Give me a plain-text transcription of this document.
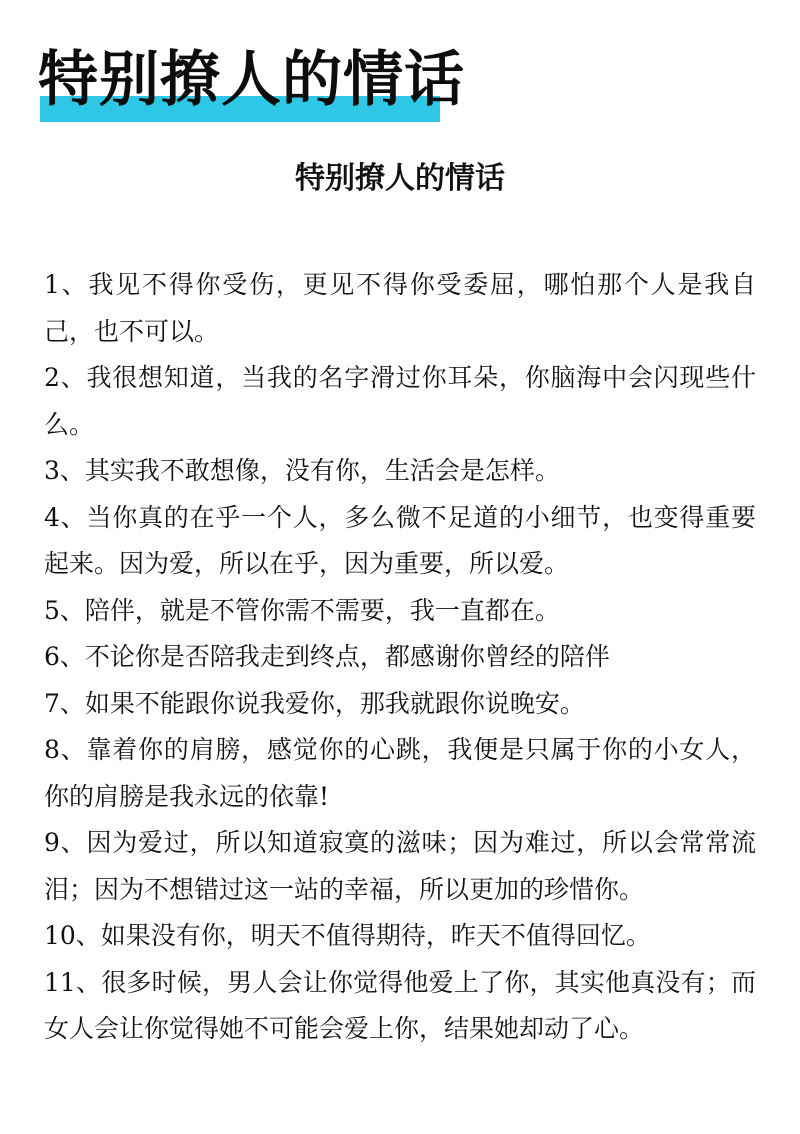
特别撩人的情话
特别撩人的情话

1、我见不得你受伤，更见不得你受委屈，哪怕那个人是我自己，也不可以。

2、我很想知道，当我的名字滑过你耳朵，你脑海中会闪现些什么。

3、其实我不敢想像，没有你，生活会是怎样。

4、当你真的在乎一个人，多么微不足道的小细节，也变得重要起来。因为爱，所以在乎，因为重要，所以爱。

5、陪伴，就是不管你需不需要，我一直都在。

6、不论你是否陪我走到终点，都感谢你曾经的陪伴

7、如果不能跟你说我爱你，那我就跟你说晚安。

8、靠着你的肩膀，感觉你的心跳，我便是只属于你的小女人，你的肩膀是我永远的依靠!

9、因为爱过，所以知道寂寞的滋味；因为难过，所以会常常流泪；因为不想错过这一站的幸福，所以更加的珍惜你。

10、如果没有你，明天不值得期待，昨天不值得回忆。

11、很多时候，男人会让你觉得他爱上了你，其实他真没有；而女人会让你觉得她不可能会爱上你，结果她却动了心。
